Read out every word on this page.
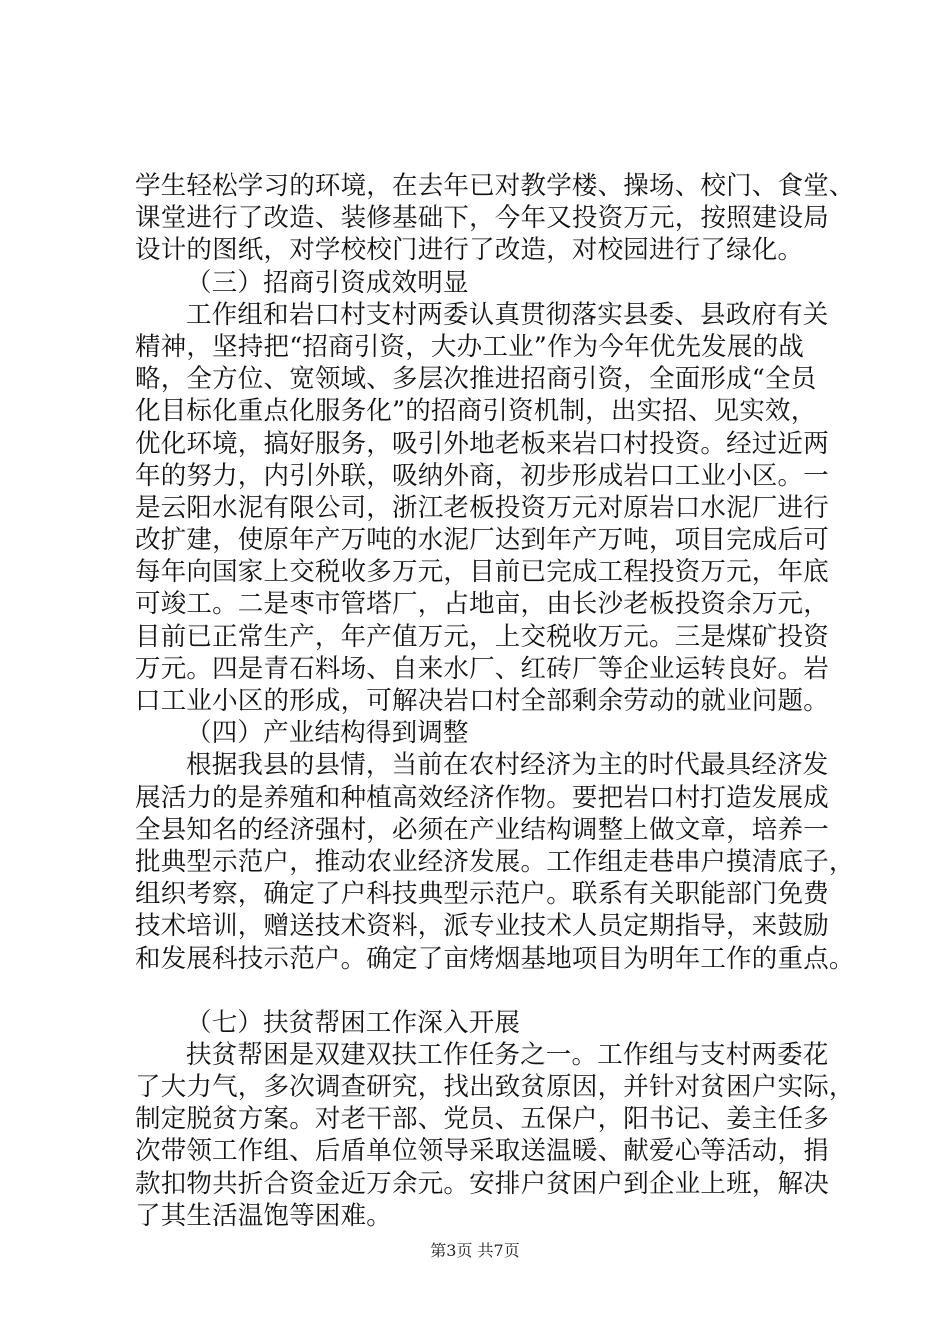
学生轻松学习的环境，在去年已对教学楼、操场、校门、食堂、
课堂进行了改造、装修基础下，今年又投资万元，按照建设局
设计的图纸，对学校校门进行了改造，对校园进行了绿化。
（三）招商引资成效明显
工作组和岩口村支村两委认真贯彻落实县委、县政府有关
精神，坚持把“招商引资，大办工业”作为今年优先发展的战
略，全方位、宽领域、多层次推进招商引资，全面形成“全员
化目标化重点化服务化”的招商引资机制，出实招、见实效，
优化环境，搞好服务，吸引外地老板来岩口村投资。经过近两
年的努力，内引外联，吸纳外商，初步形成岩口工业小区。一
是云阳水泥有限公司，浙江老板投资万元对原岩口水泥厂进行
改扩建，使原年产万吨的水泥厂达到年产万吨，项目完成后可
每年向国家上交税收多万元，目前已完成工程投资万元，年底
可竣工。二是枣市管塔厂，占地亩，由长沙老板投资余万元，
目前已正常生产，年产值万元，上交税收万元。三是煤矿投资
万元。四是青石料场、自来水厂、红砖厂等企业运转良好。岩
口工业小区的形成，可解决岩口村全部剩余劳动的就业问题。
（四）产业结构得到调整
根据我县的县情，当前在农村经济为主的时代最具经济发
展活力的是养殖和种植高效经济作物。要把岩口村打造发展成
全县知名的经济强村，必须在产业结构调整上做文章，培养一
批典型示范户，推动农业经济发展。工作组走巷串户摸清底子，
组织考察，确定了户科技典型示范户。联系有关职能部门免费
技术培训，赠送技术资料，派专业技术人员定期指导，来鼓励
和发展科技示范户。确定了亩烤烟基地项目为明年工作的重点。
（七）扶贫帮困工作深入开展
扶贫帮困是双建双扶工作任务之一。工作组与支村两委花
了大力气，多次调查研究，找出致贫原因，并针对贫困户实际，
制定脱贫方案。对老干部、党员、五保户，阳书记、姜主任多
次带领工作组、后盾单位领导采取送温暖、献爱心等活动，捐
款扣物共折合资金近万余元。安排户贫困户到企业上班，解决
了其生活温饱等困难。
第3页 共7页
